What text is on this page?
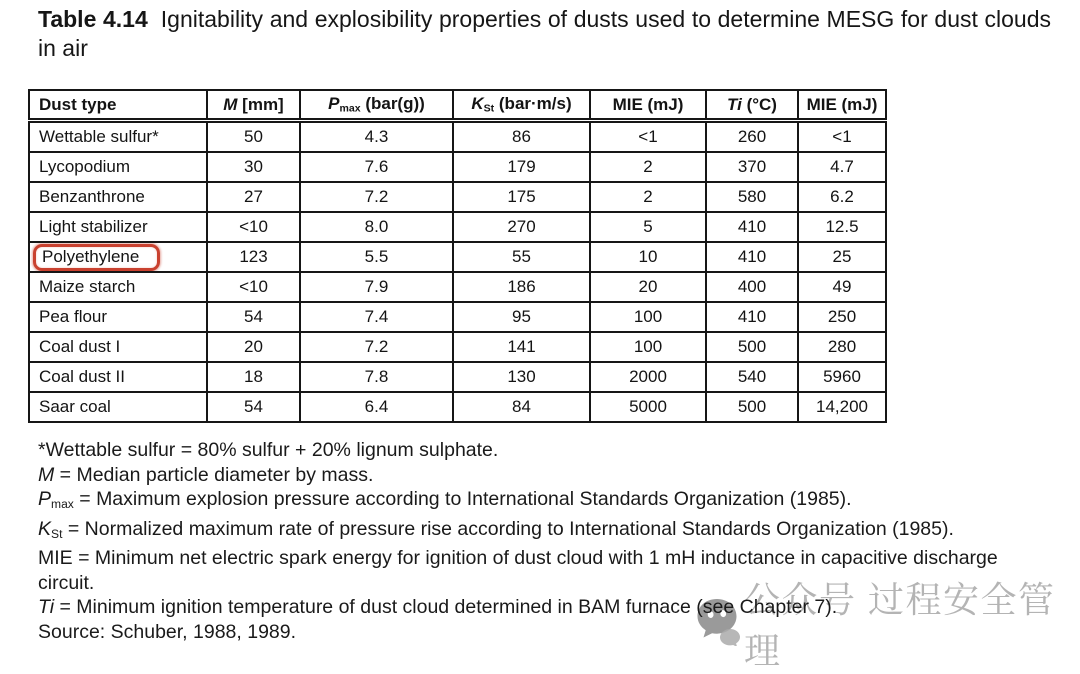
Table 4.14 Ignitability and explosibility properties of dusts used to determine MESG for dust clouds in air
Dust type	M [mm]	$P_{max}$ (bar(g))	$K_{St}$ (bar·m/s)	MIE (mJ)	Ti (°C)	MIE (mJ)
Wettable sulfur*	50	4.3	86	<1	260	<1
Lycopodium	30	7.6	179	2	370	4.7
Benzanthrone	27	7.2	175	2	580	6.2
Light stabilizer	<10	8.0	270	5	410	12.5
Polyethylene	123	5.5	55	10	410	25
Maize starch	<10	7.9	186	20	400	49
Pea flour	54	7.4	95	100	410	250
Coal dust I	20	7.2	141	100	500	280
Coal dust II	18	7.8	130	2000	540	5960
Saar coal	54	6.4	84	5000	500	14,200
公众号 过程安全管理
*Wettable sulfur = 80% sulfur + 20% lignum sulphate.
M = Median particle diameter by mass.
$P_{max}$ = Maximum explosion pressure according to International Standards Organization (1985).
$K_{St}$ = Normalized maximum rate of pressure rise according to International Standards Organization (1985).
MIE = Minimum net electric spark energy for ignition of dust cloud with 1 mH inductance in capacitive discharge circuit.
Ti = Minimum ignition temperature of dust cloud determined in BAM furnace (see Chapter 7).
Source: Schuber, 1988, 1989.
